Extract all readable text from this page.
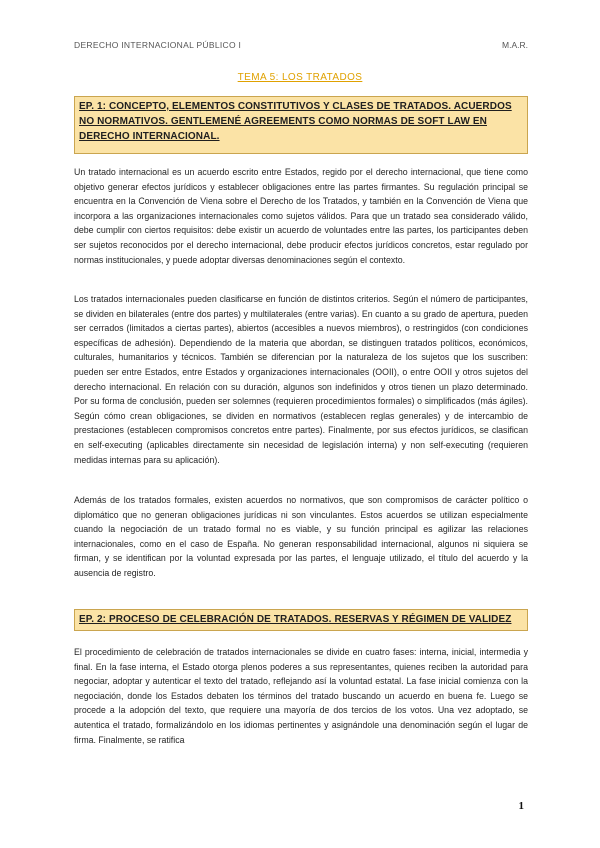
DERECHO INTERNACIONAL PÚBLICO I	M.A.R.
TEMA 5: LOS TRATADOS
EP. 1: CONCEPTO, ELEMENTOS CONSTITUTIVOS Y CLASES DE TRATADOS. ACUERDOS NO NORMATIVOS. GENTLEMENÉ AGREEMENTS COMO NORMAS DE SOFT LAW EN DERECHO INTERNACIONAL.

Un tratado internacional es un acuerdo escrito entre Estados, regido por el derecho internacional, que tiene como objetivo generar efectos jurídicos y establecer obligaciones entre las partes firmantes. Su regulación principal se encuentra en la Convención de Viena sobre el Derecho de los Tratados, y también en la Convención de Viena que incorpora a las organizaciones internacionales como sujetos válidos. Para que un tratado sea considerado válido, debe cumplir con ciertos requisitos: debe existir un acuerdo de voluntades entre las partes, los participantes deben ser sujetos reconocidos por el derecho internacional, debe producir efectos jurídicos concretos, estar regulado por normas institucionales, y puede adoptar diversas denominaciones según el contexto.

Los tratados internacionales pueden clasificarse en función de distintos criterios. Según el número de participantes, se dividen en bilaterales (entre dos partes) y multilaterales (entre varias). En cuanto a su grado de apertura, pueden ser cerrados (limitados a ciertas partes), abiertos (accesibles a nuevos miembros), o restringidos (con condiciones específicas de adhesión). Dependiendo de la materia que abordan, se distinguen tratados políticos, económicos, culturales, humanitarios y técnicos. También se diferencian por la naturaleza de los sujetos que los suscriben: pueden ser entre Estados, entre Estados y organizaciones internacionales (OOII), o entre OOII y otros sujetos del derecho internacional. En relación con su duración, algunos son indefinidos y otros tienen un plazo determinado. Por su forma de conclusión, pueden ser solemnes (requieren procedimientos formales) o simplificados (más ágiles). Según cómo crean obligaciones, se dividen en normativos (establecen reglas generales) y de intercambio de prestaciones (establecen compromisos concretos entre partes). Finalmente, por sus efectos jurídicos, se clasifican en self-executing (aplicables directamente sin necesidad de legislación interna) y non self-executing (requieren medidas internas para su aplicación).

Además de los tratados formales, existen acuerdos no normativos, que son compromisos de carácter político o diplomático que no generan obligaciones jurídicas ni son vinculantes. Estos acuerdos se utilizan especialmente cuando la negociación de un tratado formal no es viable, y su función principal es agilizar las relaciones internacionales, como en el caso de España. No generan responsabilidad internacional, algunos ni siquiera se firman, y se identifican por la voluntad expresada por las partes, el lenguaje utilizado, el título del acuerdo y la ausencia de registro.

EP. 2: PROCESO DE CELEBRACIÓN DE TRATADOS. RESERVAS Y RÉGIMEN DE VALIDEZ

El procedimiento de celebración de tratados internacionales se divide en cuatro fases: interna, inicial, intermedia y final. En la fase interna, el Estado otorga plenos poderes a sus representantes, quienes reciben la autoridad para negociar, adoptar y autenticar el texto del tratado, reflejando así la voluntad estatal. La fase inicial comienza con la negociación, donde los Estados debaten los términos del tratado buscando un acuerdo en buena fe. Luego se procede a la adopción del texto, que requiere una mayoría de dos tercios de los votos. Una vez adoptado, se autentica el tratado, formalizándolo en los idiomas pertinentes y asignándole una denominación según el lugar de firma. Finalmente, se ratifica

1
